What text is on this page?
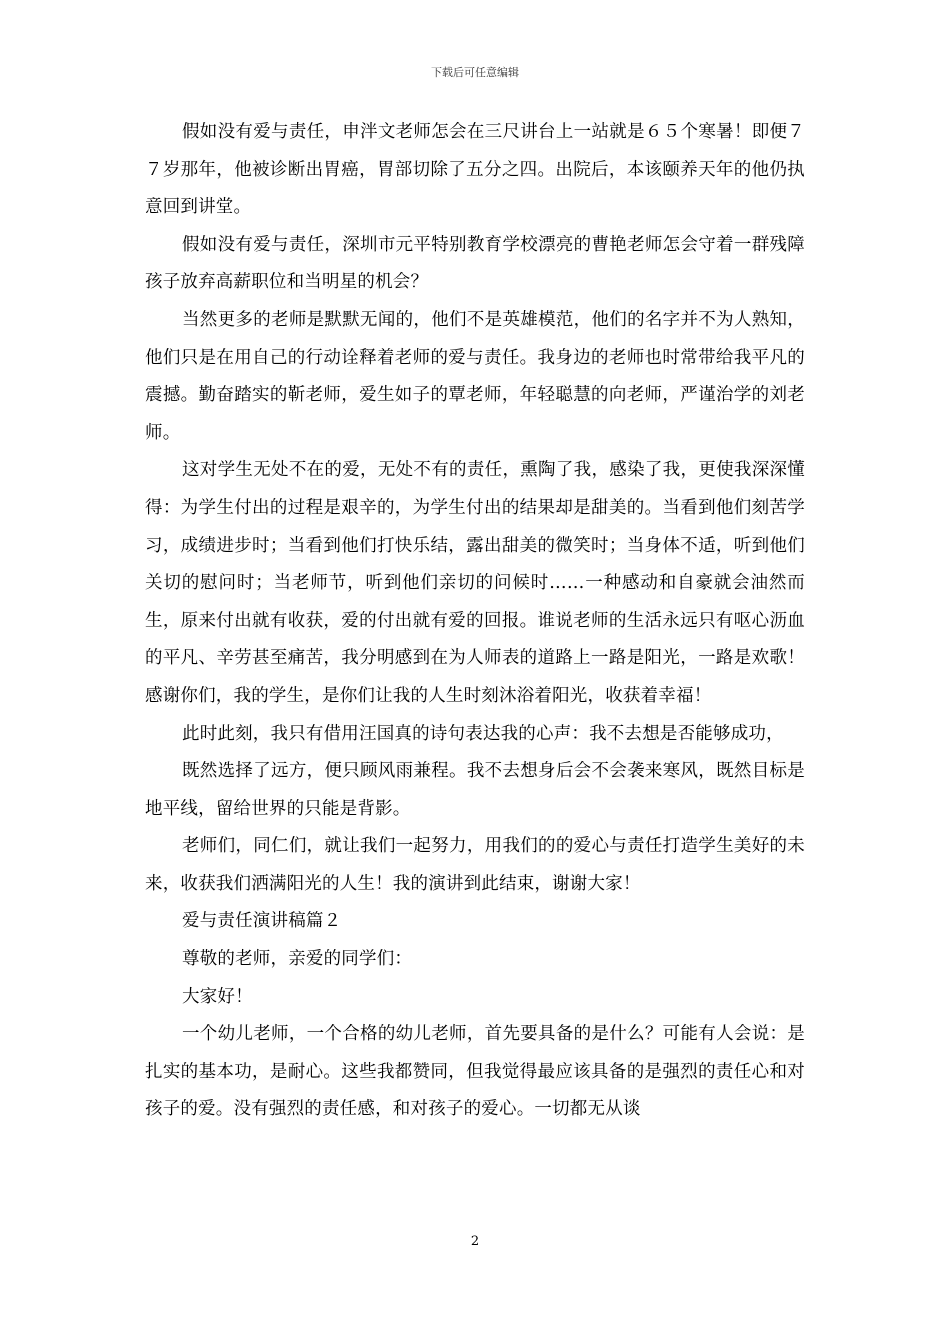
下载后可任意编辑

假如没有爱与责任，申泮文老师怎会在三尺讲台上一站就是６５个寒暑！即便７７岁那年，他被诊断出胃癌，胃部切除了五分之四。出院后，本该颐养天年的他仍执意回到讲堂。

假如没有爱与责任，深圳市元平特别教育学校漂亮的曹艳老师怎会守着一群残障孩子放弃高薪职位和当明星的机会？

当然更多的老师是默默无闻的，他们不是英雄模范，他们的名字并不为人熟知，他们只是在用自己的行动诠释着老师的爱与责任。我身边的老师也时常带给我平凡的震撼。勤奋踏实的靳老师，爱生如子的覃老师，年轻聪慧的向老师，严谨治学的刘老师。

这对学生无处不在的爱，无处不有的责任，熏陶了我，感染了我，更使我深深懂得：为学生付出的过程是艰辛的，为学生付出的结果却是甜美的。当看到他们刻苦学习，成绩进步时；当看到他们打快乐结，露出甜美的微笑时；当身体不适，听到他们关切的慰问时；当老师节，听到他们亲切的问候时……一种感动和自豪就会油然而生，原来付出就有收获，爱的付出就有爱的回报。谁说老师的生活永远只有呕心沥血的平凡、辛劳甚至痛苦，我分明感到在为人师表的道路上一路是阳光，一路是欢歌！感谢你们，我的学生，是你们让我的人生时刻沐浴着阳光，收获着幸福！

此时此刻，我只有借用汪国真的诗句表达我的心声：我不去想是否能够成功，

既然选择了远方，便只顾风雨兼程。我不去想身后会不会袭来寒风，既然目标是地平线，留给世界的只能是背影。

老师们，同仁们，就让我们一起努力，用我们的的爱心与责任打造学生美好的未来，收获我们洒满阳光的人生！我的演讲到此结束，谢谢大家！

爱与责任演讲稿篇２

尊敬的老师，亲爱的同学们：

大家好！

一个幼儿老师，一个合格的幼儿老师，首先要具备的是什么？可能有人会说：是扎实的基本功，是耐心。这些我都赞同，但我觉得最应该具备的是强烈的责任心和对孩子的爱。没有强烈的责任感，和对孩子的爱心。一切都无从谈

2
